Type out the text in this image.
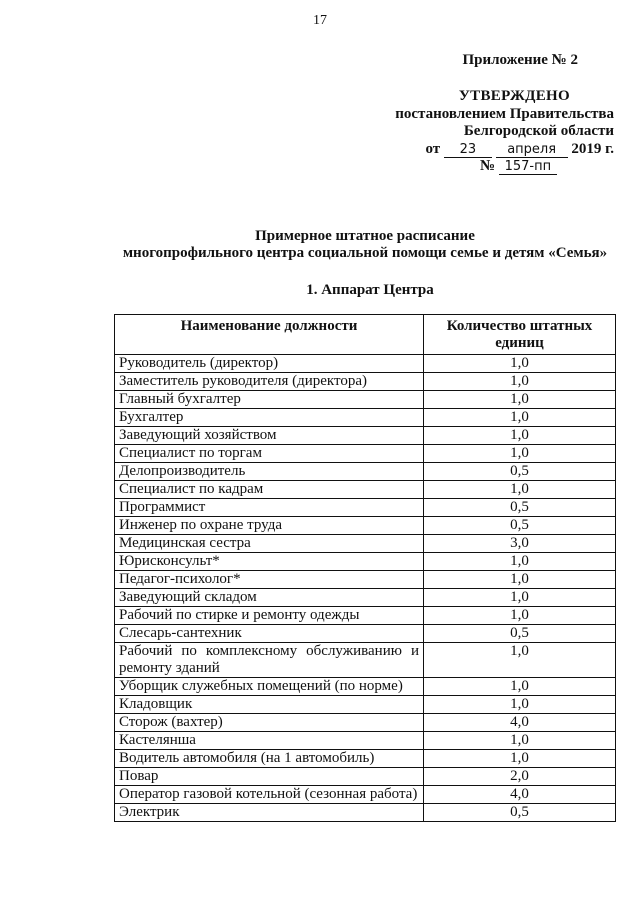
17
Приложение № 2
УТВЕРЖДЕНО
постановлением Правительства
Белгородской области
от 23 апреля 2019 г.
№ 157-пп
Примерное штатное расписание
многопрофильного центра социальной помощи семье и детям «Семья»
1. Аппарат Центра
Наименование должности	Количество штатных единиц
Руководитель (директор)	1,0
Заместитель руководителя (директора)	1,0
Главный бухгалтер	1,0
Бухгалтер	1,0
Заведующий хозяйством	1,0
Специалист по торгам	1,0
Делопроизводитель	0,5
Специалист по кадрам	1,0
Программист	0,5
Инженер по охране труда	0,5
Медицинская сестра	3,0
Юрисконсульт*	1,0
Педагог-психолог*	1,0
Заведующий складом	1,0
Рабочий по стирке и ремонту одежды	1,0
Слесарь-сантехник	0,5
Рабочий по комплексному обслуживанию и ремонту зданий	1,0
Уборщик служебных помещений (по норме)	1,0
Кладовщик	1,0
Сторож (вахтер)	4,0
Кастелянша	1,0
Водитель автомобиля (на 1 автомобиль)	1,0
Повар	2,0
Оператор газовой котельной (сезонная работа)	4,0
Электрик	0,5
